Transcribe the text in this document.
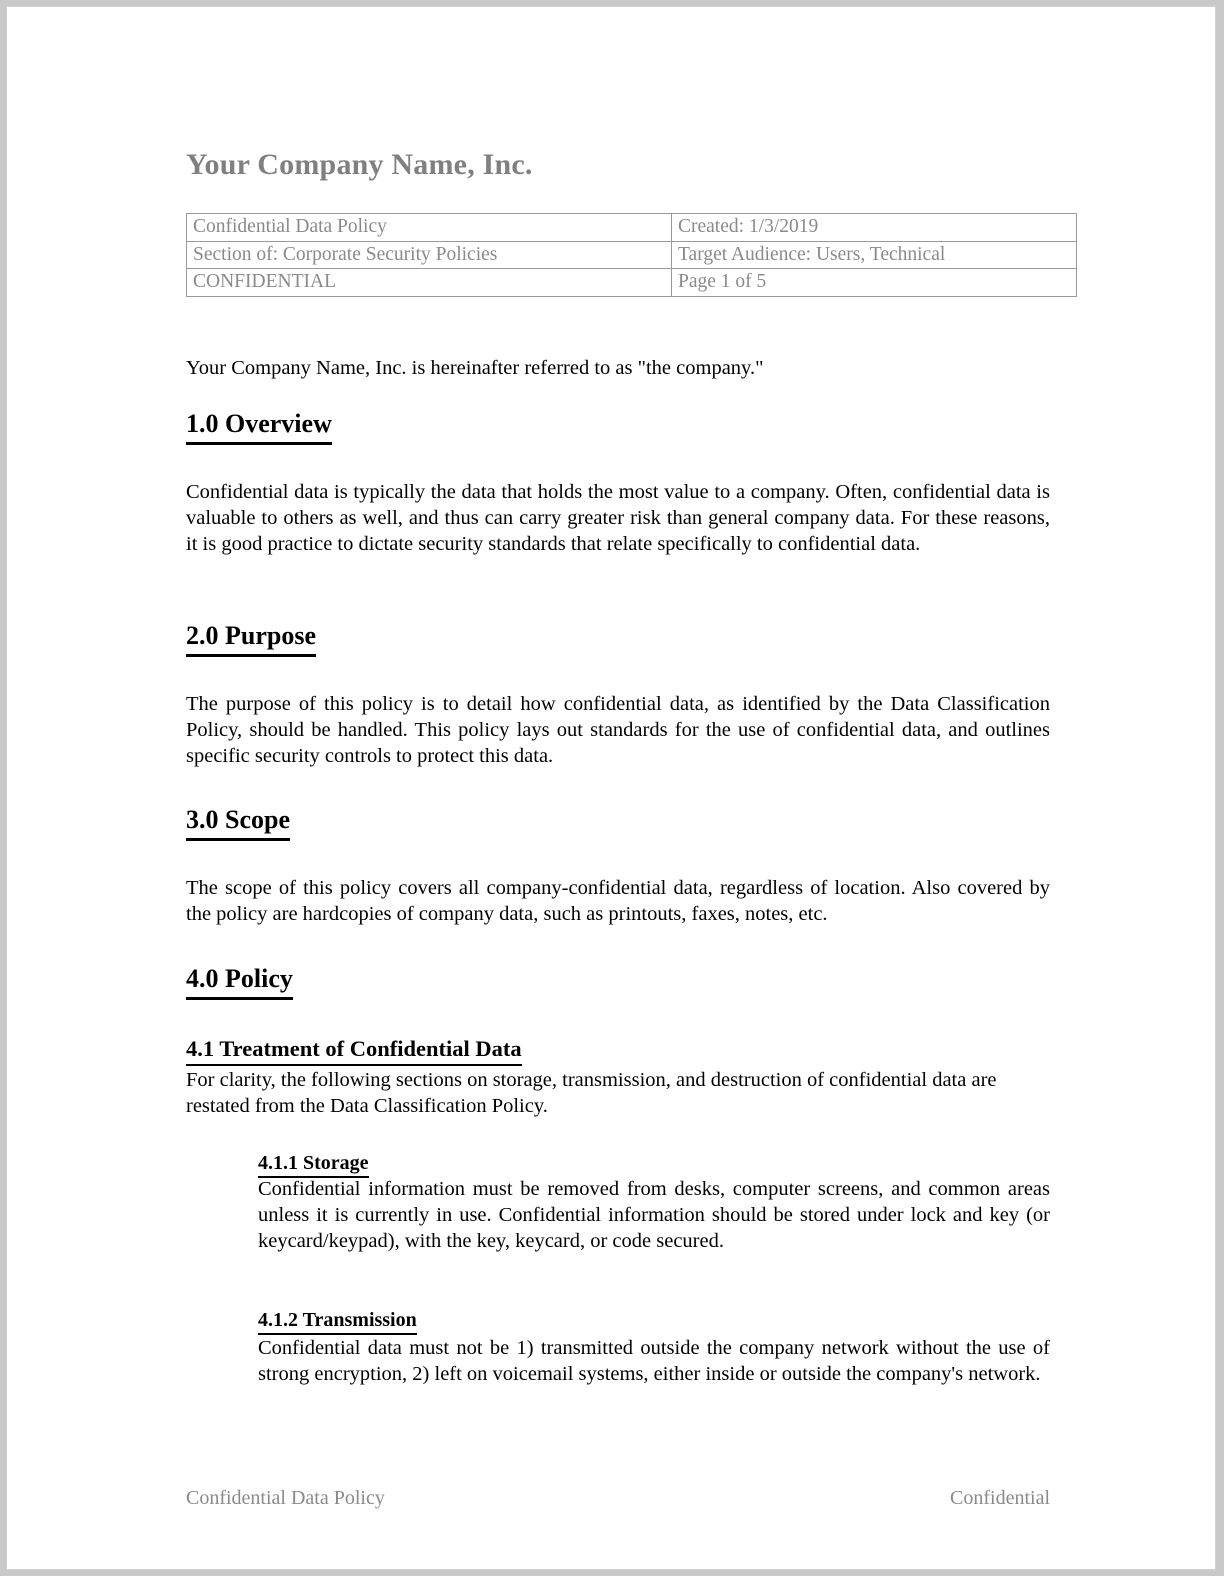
Your Company Name, Inc.
Confidential Data Policy	Created: 1/3/2019
Section of: Corporate Security Policies	Target Audience: Users, Technical
CONFIDENTIAL	Page 1 of 5
Your Company Name, Inc. is hereinafter referred to as "the company."
1.0 Overview

Confidential data is typically the data that holds the most value to a company. Often, confidential data is valuable to others as well, and thus can carry greater risk than general company data. For these reasons, it is good practice to dictate security standards that relate specifically to confidential data.

2.0 Purpose

The purpose of this policy is to detail how confidential data, as identified by the Data Classification Policy, should be handled. This policy lays out standards for the use of confidential data, and outlines specific security controls to protect this data.

3.0 Scope

The scope of this policy covers all company-confidential data, regardless of location. Also covered by the policy are hardcopies of company data, such as printouts, faxes, notes, etc.

4.0 Policy
4.1 Treatment of Confidential Data

For clarity, the following sections on storage, transmission, and destruction of confidential data are restated from the Data Classification Policy.

4.1.1 Storage

Confidential information must be removed from desks, computer screens, and common areas unless it is currently in use. Confidential information should be stored under lock and key (or keycard/keypad), with the key, keycard, or code secured.

4.1.2 Transmission

Confidential data must not be 1) transmitted outside the company network without the use of strong encryption, 2) left on voicemail systems, either inside or outside the company's network.

Confidential Data Policy	Confidential
